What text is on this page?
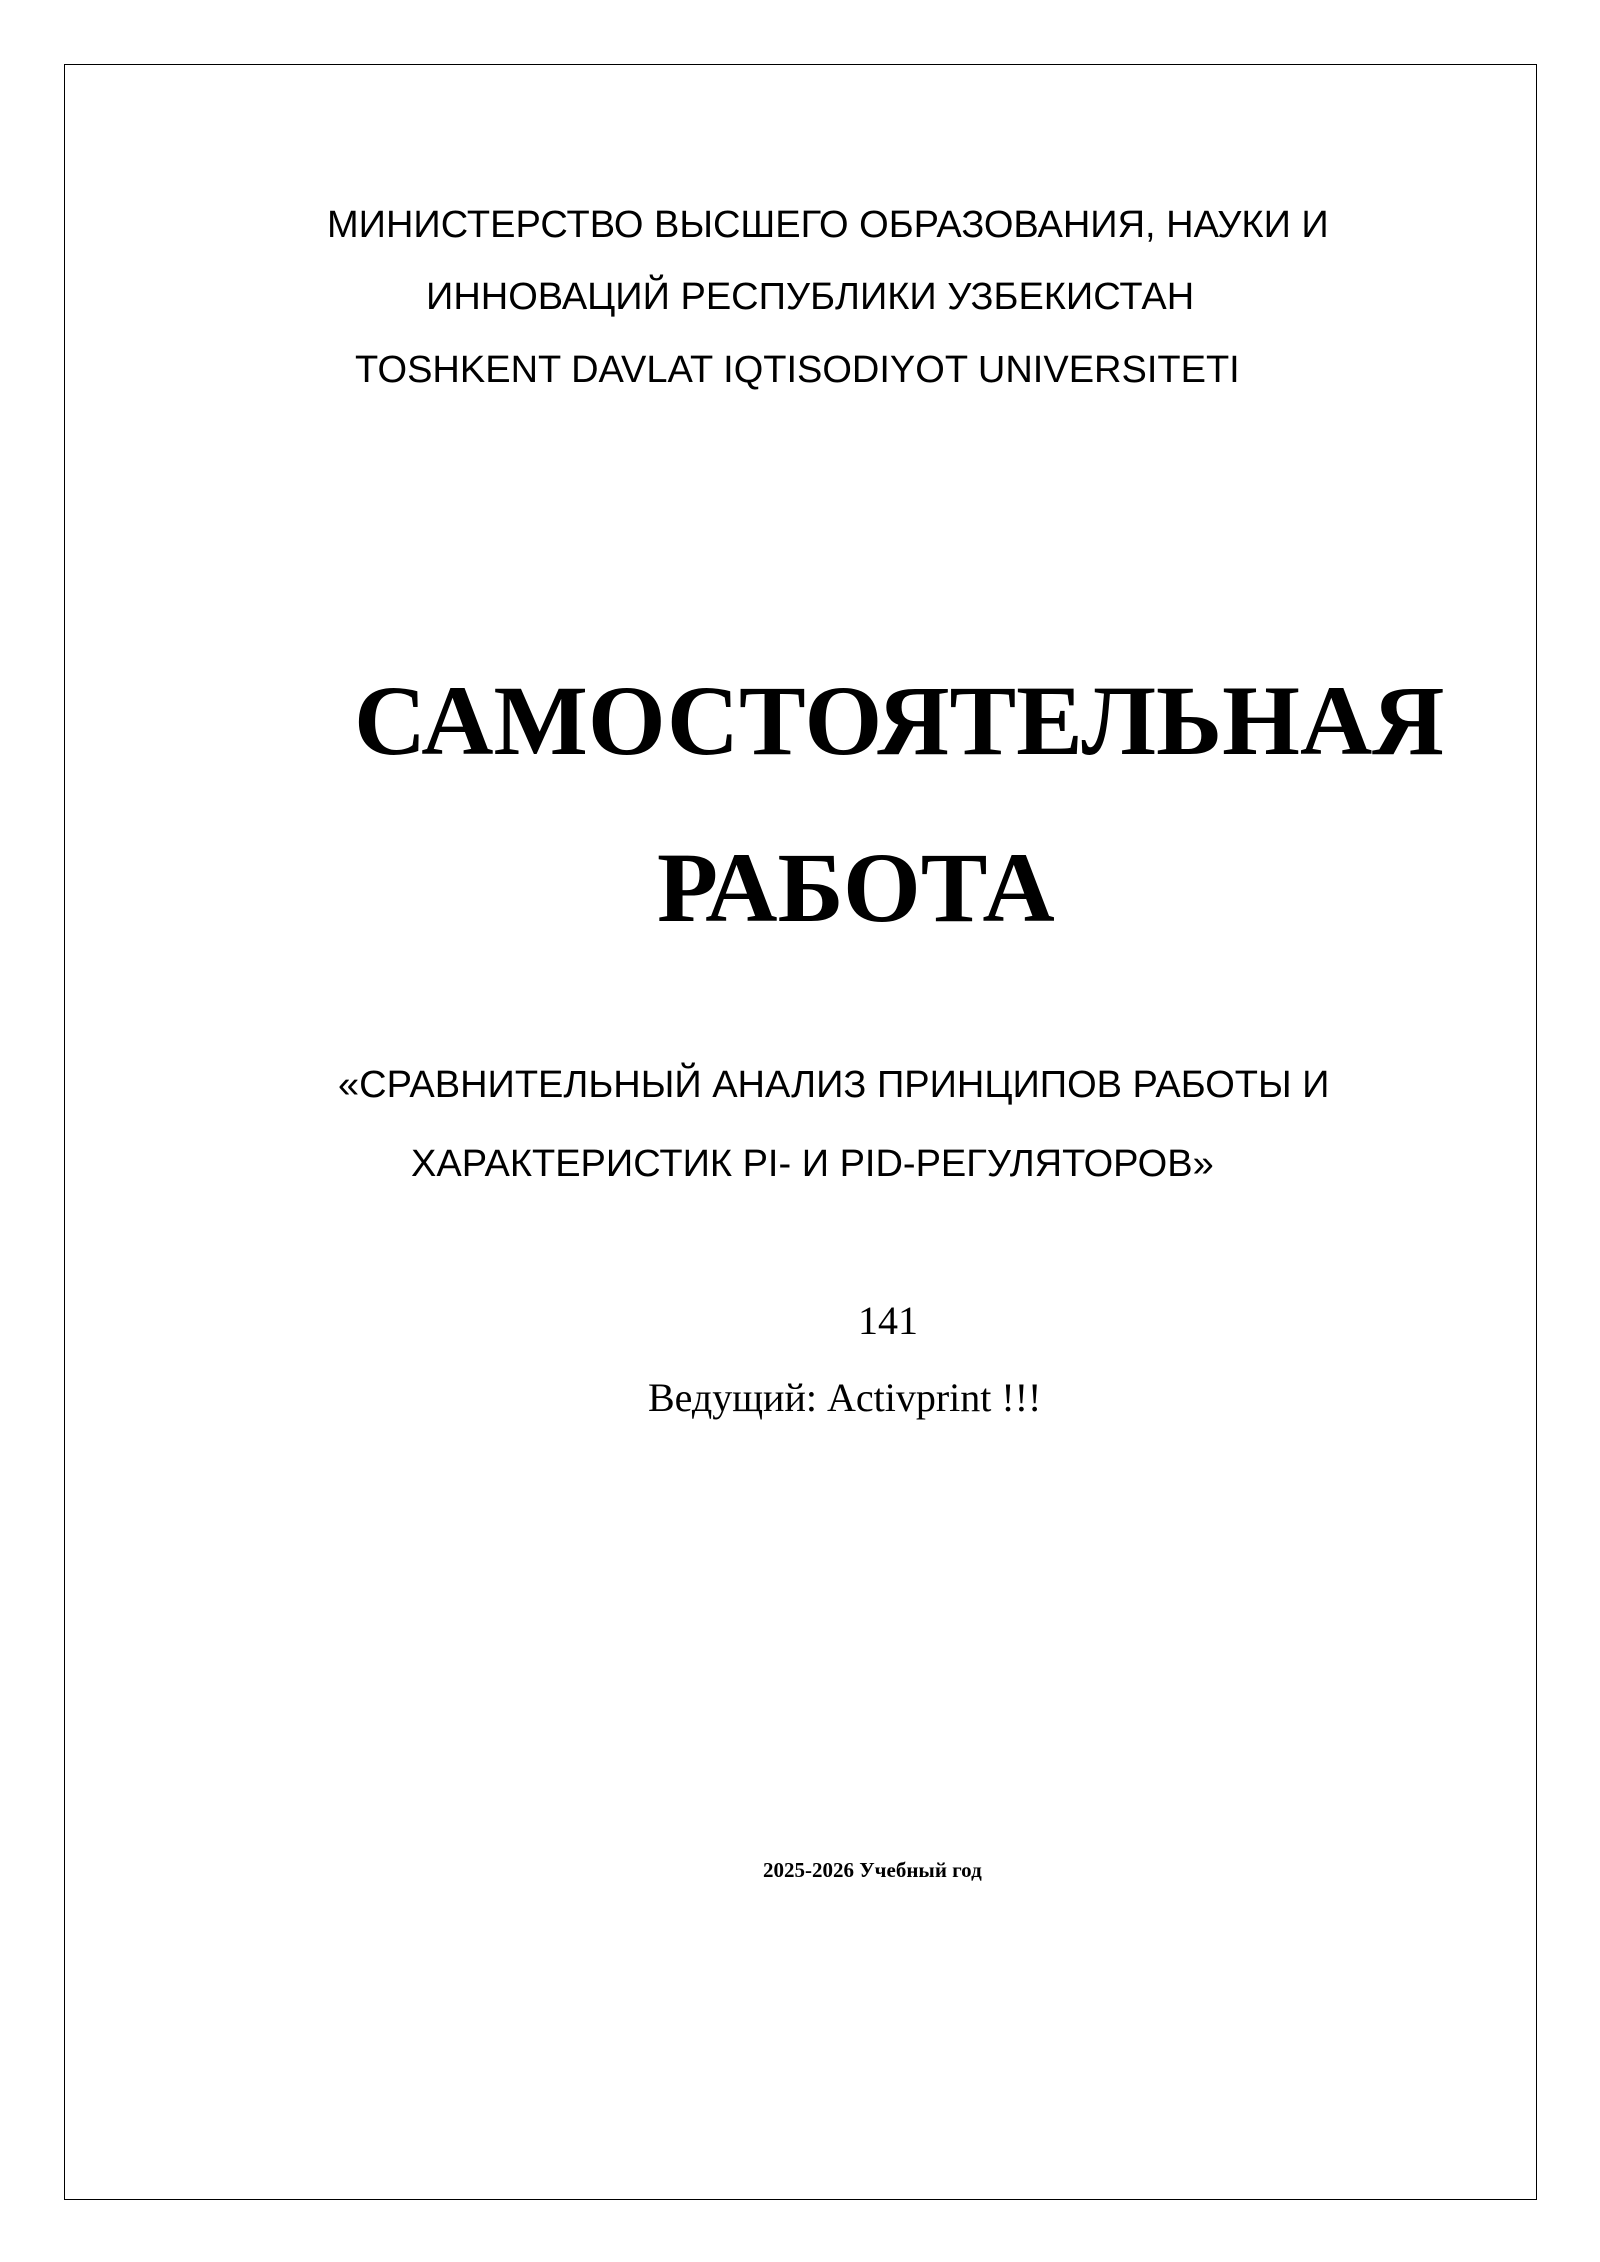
МИНИСТЕРСТВО ВЫСШЕГО ОБРАЗОВАНИЯ, НАУКИ И

ИННОВАЦИЙ РЕСПУБЛИКИ УЗБЕКИСТАН

TOSHKENT DAVLAT IQTISODIYOT UNIVERSITETI

САМОСТОЯТЕЛЬНАЯ

РАБОТА

«СРАВНИТЕЛЬНЫЙ АНАЛИЗ ПРИНЦИПОВ РАБОТЫ И

ХАРАКТЕРИСТИК PI- И PID-РЕГУЛЯТОРОВ»

141

Ведущий: Activprint !!!

2025-2026 Учебный год
